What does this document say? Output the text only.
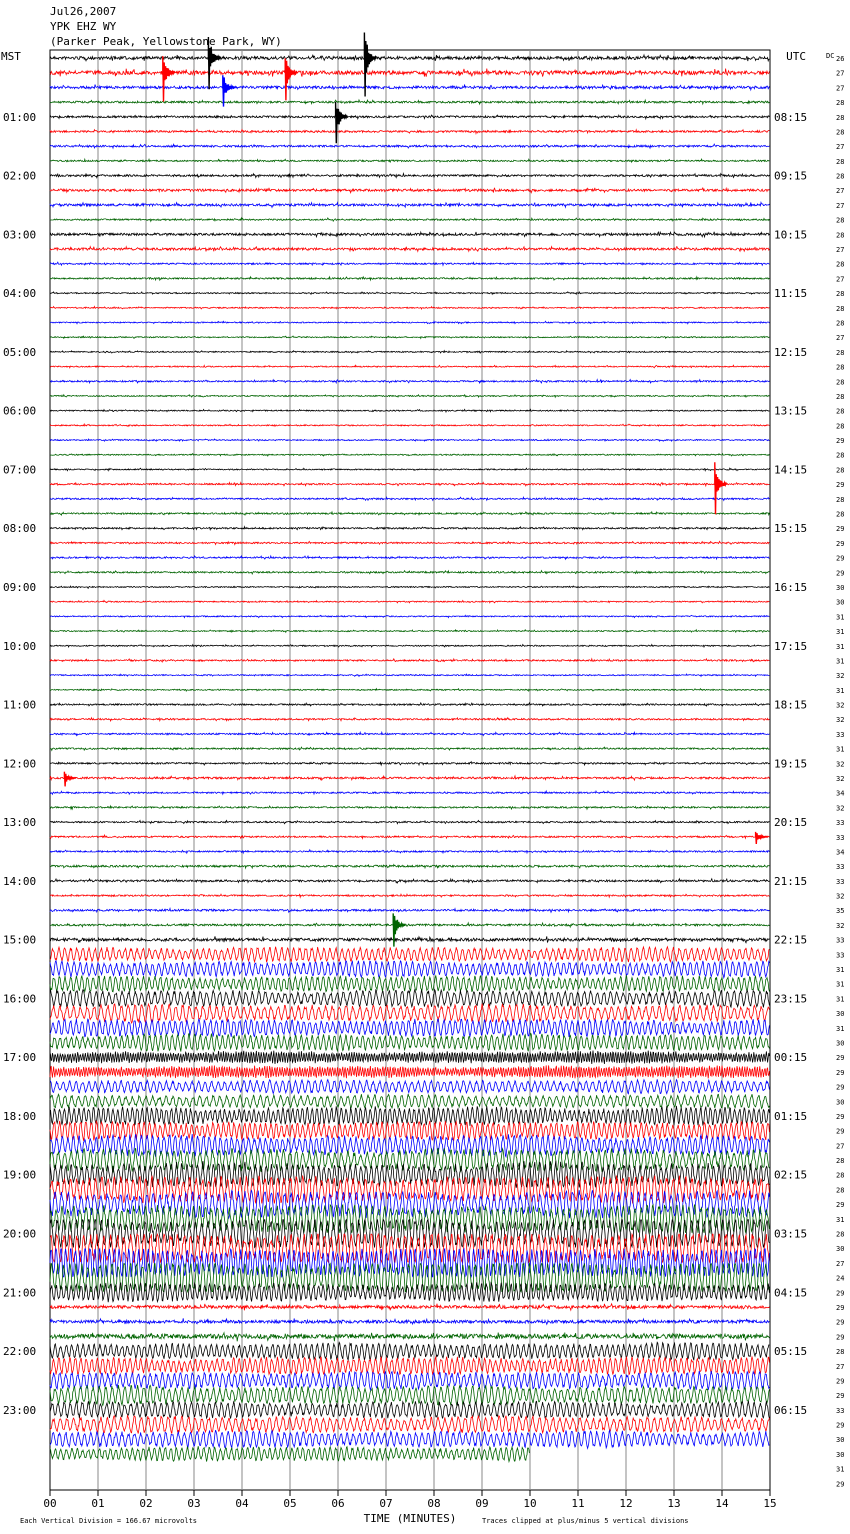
Jul26,2007
YPK EHZ WY
(Parker Peak, Yellowstone Park, WY)
MST	UTC	DC
01:00
02:00
03:00
04:00
05:00
06:00
07:00
08:00
09:00
10:00
11:00
12:00
13:00
14:00
15:00
16:00
17:00
18:00
19:00
20:00
21:00
22:00
23:00
08:15
09:15
10:15
11:15
12:15
13:15
14:15
15:15
16:15
17:15
18:15
19:15
20:15
21:15
22:15
23:15
00:15
01:15
02:15
03:15
04:15
05:15
06:15
26
27
27
28
28
28
27
28
28
27
27
28
28
27
28
27
28
28
28
27
28
28
28
28
28
28
29
28
28
29
28
28
29
29
29
29
30
30
31
31
31
31
32
31
32
32
33
31
32
32
34
32
33
33
34
33
33
32
35
32
33
33
31
31
31
30
31
30
29
29
29
30
29
29
27
28
28
28
29
31
28
30
27
24
29
29
29
29
28
27
29
29
33
29
30
30
31
29
00	01	02	03	04	05	06	07	08	09	10	11	12	13	14	15
TIME (MINUTES)
Each Vertical Division = 166.67 microvolts	Traces clipped at plus/minus 5 vertical divisions
